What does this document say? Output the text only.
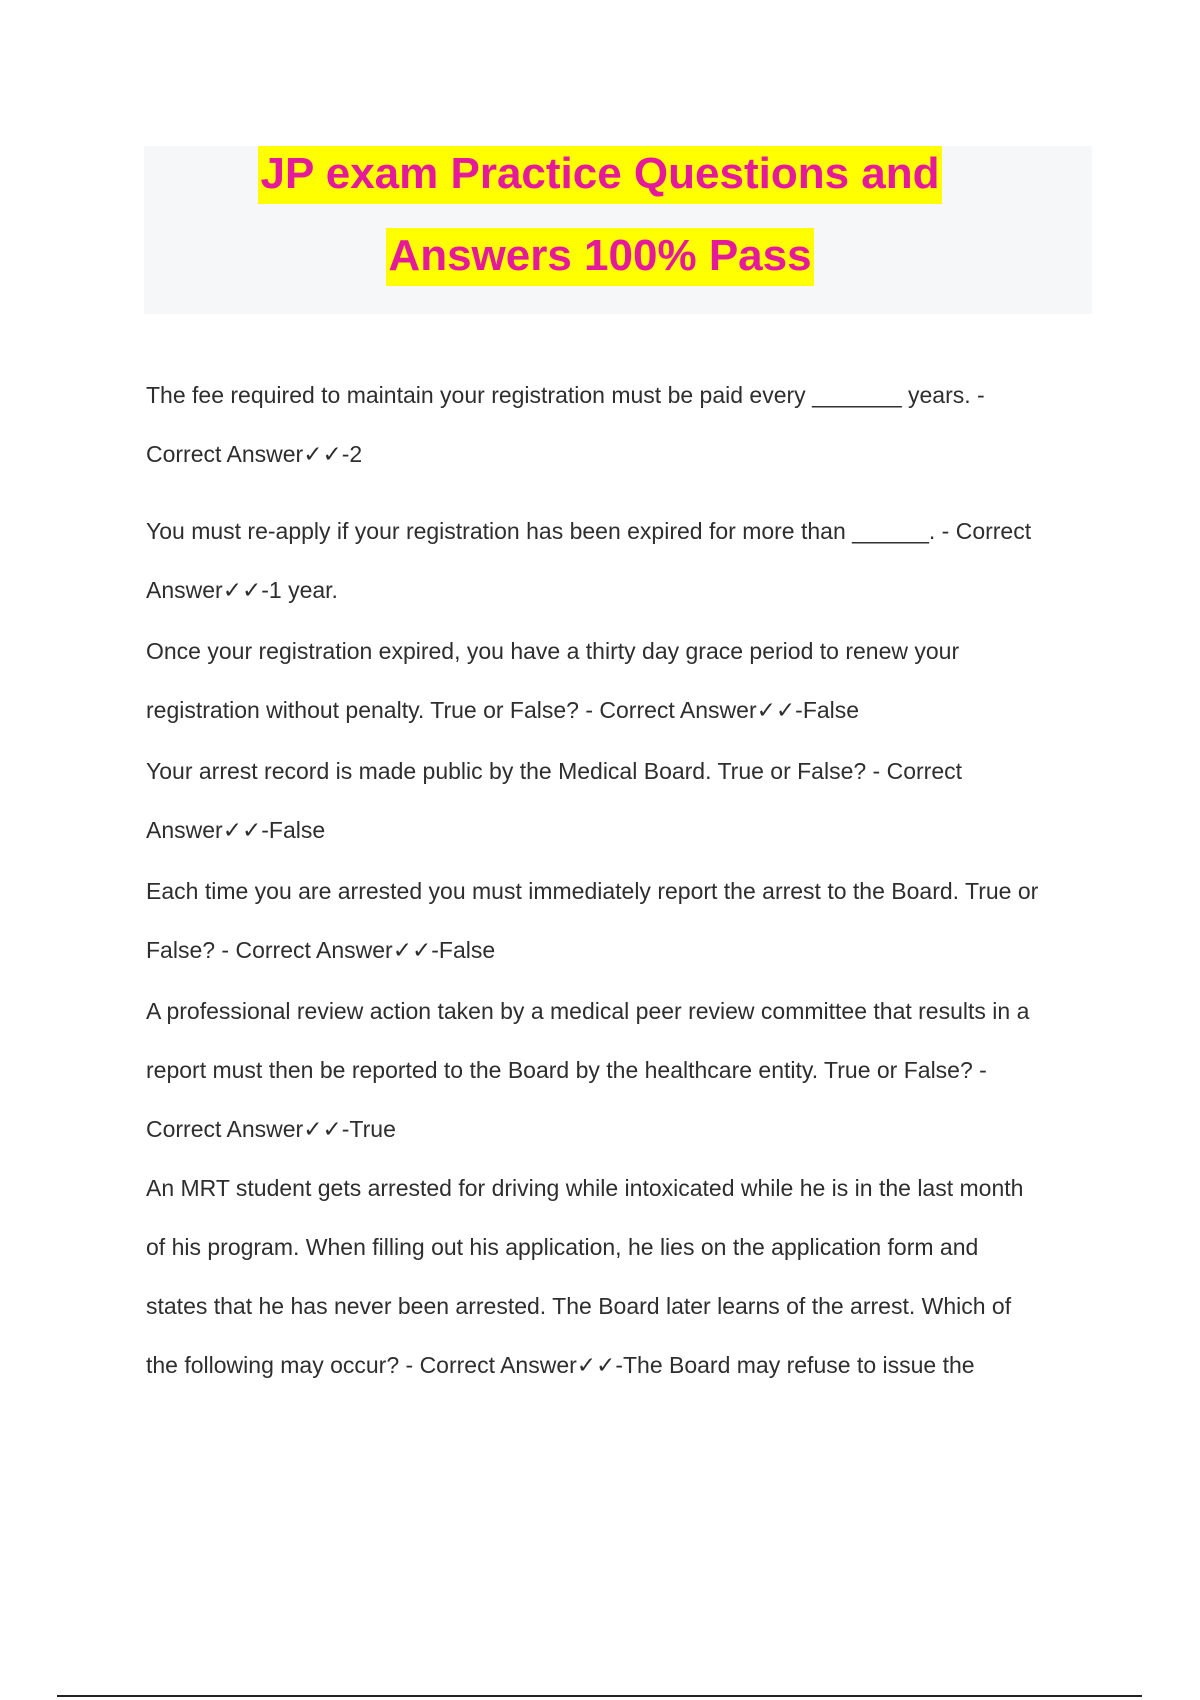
JP exam Practice Questions and
Answers 100% Pass

The fee required to maintain your registration must be paid every _______ years. -

Correct Answer✓✓-2

You must re-apply if your registration has been expired for more than ______. - Correct

Answer✓✓-1 year.

Once your registration expired, you have a thirty day grace period to renew your

registration without penalty. True or False? - Correct Answer✓✓-False

Your arrest record is made public by the Medical Board. True or False? - Correct

Answer✓✓-False

Each time you are arrested you must immediately report the arrest to the Board. True or

False? - Correct Answer✓✓-False

A professional review action taken by a medical peer review committee that results in a

report must then be reported to the Board by the healthcare entity. True or False? -

Correct Answer✓✓-True

An MRT student gets arrested for driving while intoxicated while he is in the last month

of his program. When filling out his application, he lies on the application form and

states that he has never been arrested. The Board later learns of the arrest. Which of

the following may occur? - Correct Answer✓✓-The Board may refuse to issue the
